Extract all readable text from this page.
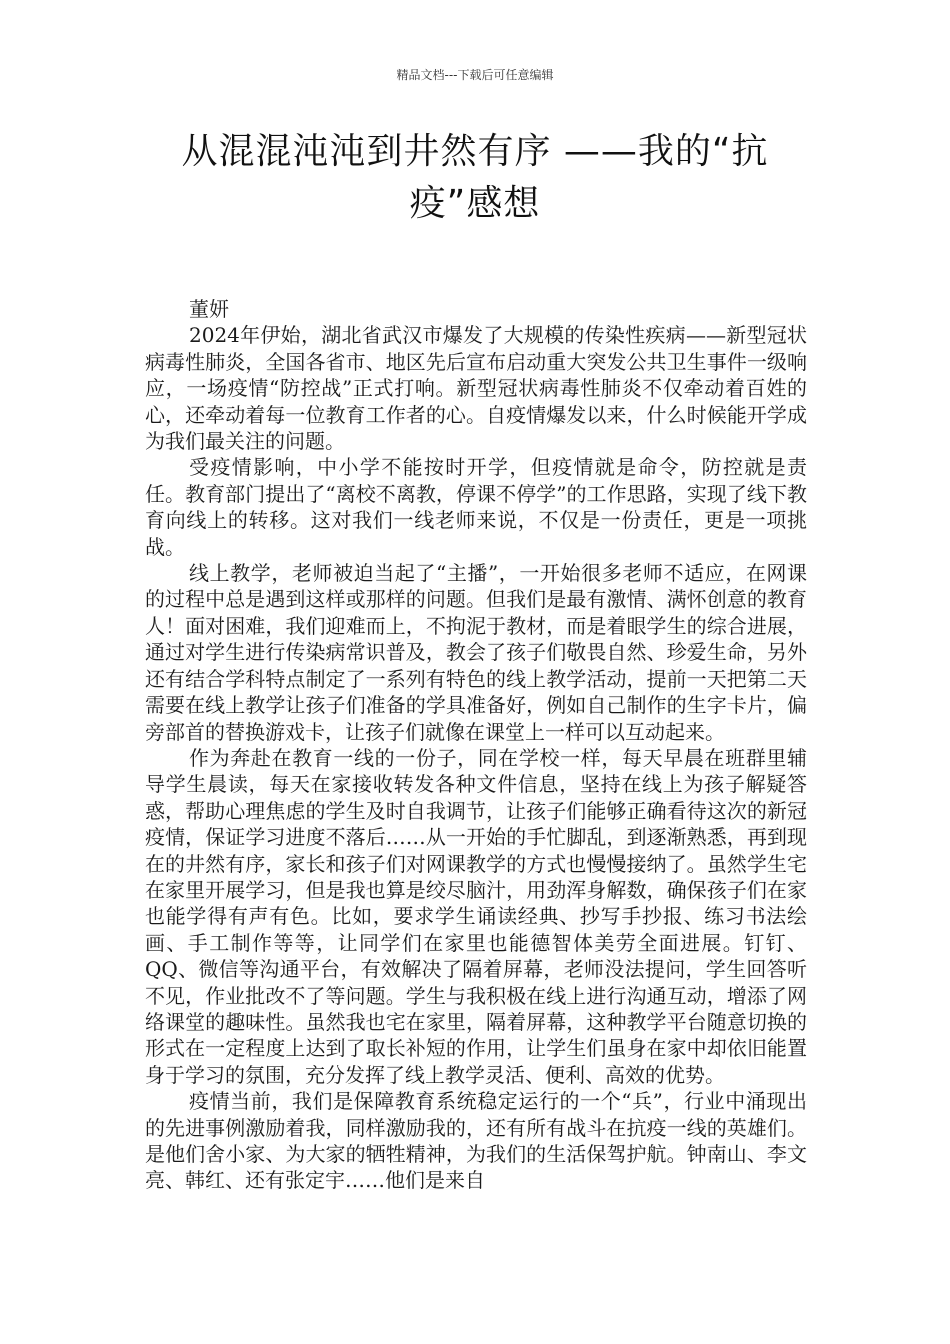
精品文档---下载后可任意编辑
从混混沌沌到井然有序 ——我的“抗疫”感想

董妍

2024年伊始，湖北省武汉市爆发了大规模的传染性疾病——新型冠状病毒性肺炎，全国各省市、地区先后宣布启动重大突发公共卫生事件一级响应，一场疫情“防控战”正式打响。新型冠状病毒性肺炎不仅牵动着百姓的心，还牵动着每一位教育工作者的心。自疫情爆发以来，什么时候能开学成为我们最关注的问题。

受疫情影响，中小学不能按时开学，但疫情就是命令，防控就是责任。教育部门提出了“离校不离教，停课不停学”的工作思路，实现了线下教育向线上的转移。这对我们一线老师来说，不仅是一份责任，更是一项挑战。

线上教学，老师被迫当起了“主播”，一开始很多老师不适应，在网课的过程中总是遇到这样或那样的问题。但我们是最有激情、满怀创意的教育人！面对困难，我们迎难而上，不拘泥于教材，而是着眼学生的综合进展，通过对学生进行传染病常识普及，教会了孩子们敬畏自然、珍爱生命，另外还有结合学科特点制定了一系列有特色的线上教学活动，提前一天把第二天需要在线上教学让孩子们准备的学具准备好，例如自己制作的生字卡片，偏旁部首的替换游戏卡，让孩子们就像在课堂上一样可以互动起来。

作为奔赴在教育一线的一份子，同在学校一样，每天早晨在班群里辅导学生晨读，每天在家接收转发各种文件信息，坚持在线上为孩子解疑答惑，帮助心理焦虑的学生及时自我调节，让孩子们能够正确看待这次的新冠疫情，保证学习进度不落后……从一开始的手忙脚乱，到逐渐熟悉，再到现在的井然有序，家长和孩子们对网课教学的方式也慢慢接纳了。虽然学生宅在家里开展学习，但是我也算是绞尽脑汁，用劲浑身解数，确保孩子们在家也能学得有声有色。比如，要求学生诵读经典、抄写手抄报、练习书法绘画、手工制作等等，让同学们在家里也能德智体美劳全面进展。钉钉、QQ、微信等沟通平台，有效解决了隔着屏幕，老师没法提问，学生回答听不见，作业批改不了等问题。学生与我积极在线上进行沟通互动，增添了网络课堂的趣味性。虽然我也宅在家里，隔着屏幕，这种教学平台随意切换的形式在一定程度上达到了取长补短的作用，让学生们虽身在家中却依旧能置身于学习的氛围，充分发挥了线上教学灵活、便利、高效的优势。

疫情当前，我们是保障教育系统稳定运行的一个“兵”，行业中涌现出的先进事例激励着我，同样激励我的，还有所有战斗在抗疫一线的英雄们。是他们舍小家、为大家的牺牲精神，为我们的生活保驾护航。钟南山、李文亮、韩红、还有张定宇……他们是来自
